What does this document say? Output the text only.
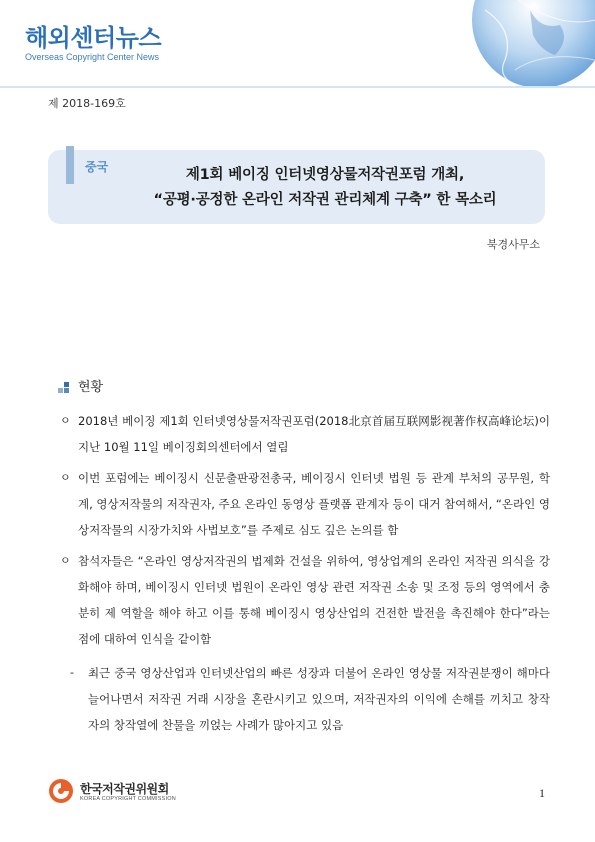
해외센터뉴스
Overseas Copyright Center News
제 2018-169호
중국	제1회 베이징 인터넷영상물저작권포럼 개최,
“공평·공정한 온라인 저작권 관리체계 구축” 한 목소리
북경사무소
현황
ㅇ 2018년 베이징 제1회 인터넷영상물저작권포럼(2018北京首届互联网影视著作权高峰论坛)이 지난 10월 11일 베이징회의센터에서 열림
ㅇ 이번 포럼에는 베이징시 신문출판광전총국, 베이징시 인터넷 법원 등 관계 부처의 공무원, 학계, 영상저작물의 저작권자, 주요 온라인 동영상 플랫폼 관계자 등이 대거 참여해서, “온라인 영상저작물의 시장가치와 사법보호”를 주제로 심도 깊은 논의를 함
ㅇ 참석자들은 “온라인 영상저작권의 법제화 건설을 위하여, 영상업계의 온라인 저작권 의식을 강화해야 하며, 베이징시 인터넷 법원이 온라인 영상 관련 저작권 소송 및 조정 등의 영역에서 충분히 제 역할을 해야 하고 이를 통해 베이징시 영상산업의 건전한 발전을 촉진해야 한다”라는 점에 대하여 인식을 같이함
- 최근 중국 영상산업과 인터넷산업의 빠른 성장과 더불어 온라인 영상물 저작권분쟁이 해마다 늘어나면서 저작권 거래 시장을 혼란시키고 있으며, 저작권자의 이익에 손해를 끼치고 창작자의 창작열에 찬물을 끼얹는 사례가 많아지고 있음
한국저작권위원회
KOREA COPYRIGHT COMMISSION	1
